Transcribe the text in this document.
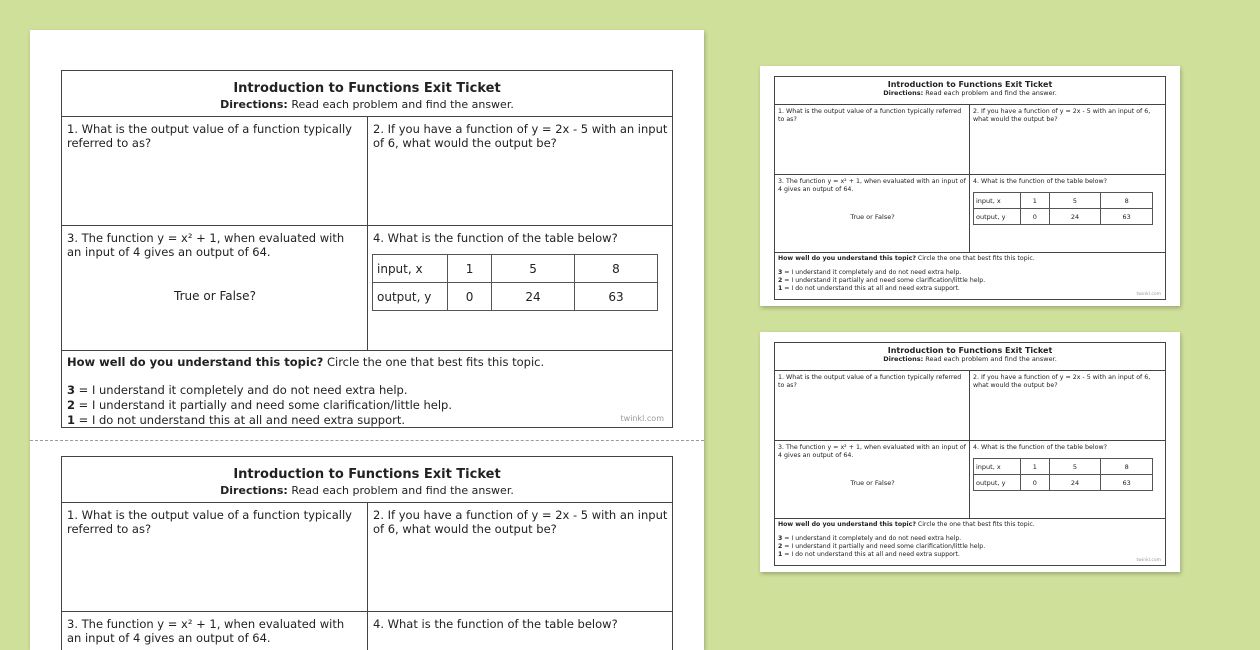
Introduction to Functions Exit Ticket
Directions: Read each problem and find the answer.
1. What is the output value of a function typically referred to as?
2. If you have a function of y = 2x - 5 with an input of 6, what would the output be?
3. The function y = x² + 1, when evaluated with an input of 4 gives an output of 64.
True or False?
4. What is the function of the table below?
input, x	1	5	8
output, y	0	24	63
How well do you understand this topic? Circle the one that best fits this topic.
3 = I understand it completely and do not need extra help.
2 = I understand it partially and need some clarification/little help.
1 = I do not understand this at all and need extra support.	twinkl.com
Introduction to Functions Exit Ticket
Directions: Read each problem and find the answer.
1. What is the output value of a function typically referred to as?
2. If you have a function of y = 2x - 5 with an input of 6, what would the output be?
3. The function y = x² + 1, when evaluated with an input of 4 gives an output of 64.
4. What is the function of the table below?
Introduction to Functions Exit Ticket
Directions: Read each problem and find the answer.
1. What is the output value of a function typically referred to as?
2. If you have a function of y = 2x - 5 with an input of 6, what would the output be?
3. The function y = x² + 1, when evaluated with an input of 4 gives an output of 64.
True or False?
4. What is the function of the table below?
input, x	1	5	8
output, y	0	24	63
How well do you understand this topic? Circle the one that best fits this topic.
3 = I understand it completely and do not need extra help.
2 = I understand it partially and need some clarification/little help.
1 = I do not understand this at all and need extra support.
twinkl.com
Introduction to Functions Exit Ticket
Directions: Read each problem and find the answer.
1. What is the output value of a function typically referred to as?
2. If you have a function of y = 2x - 5 with an input of 6, what would the output be?
3. The function y = x² + 1, when evaluated with an input of 4 gives an output of 64.
True or False?
4. What is the function of the table below?
input, x	1	5	8
output, y	0	24	63
How well do you understand this topic? Circle the one that best fits this topic.
3 = I understand it completely and do not need extra help.
2 = I understand it partially and need some clarification/little help.
1 = I do not understand this at all and need extra support.
twinkl.com
